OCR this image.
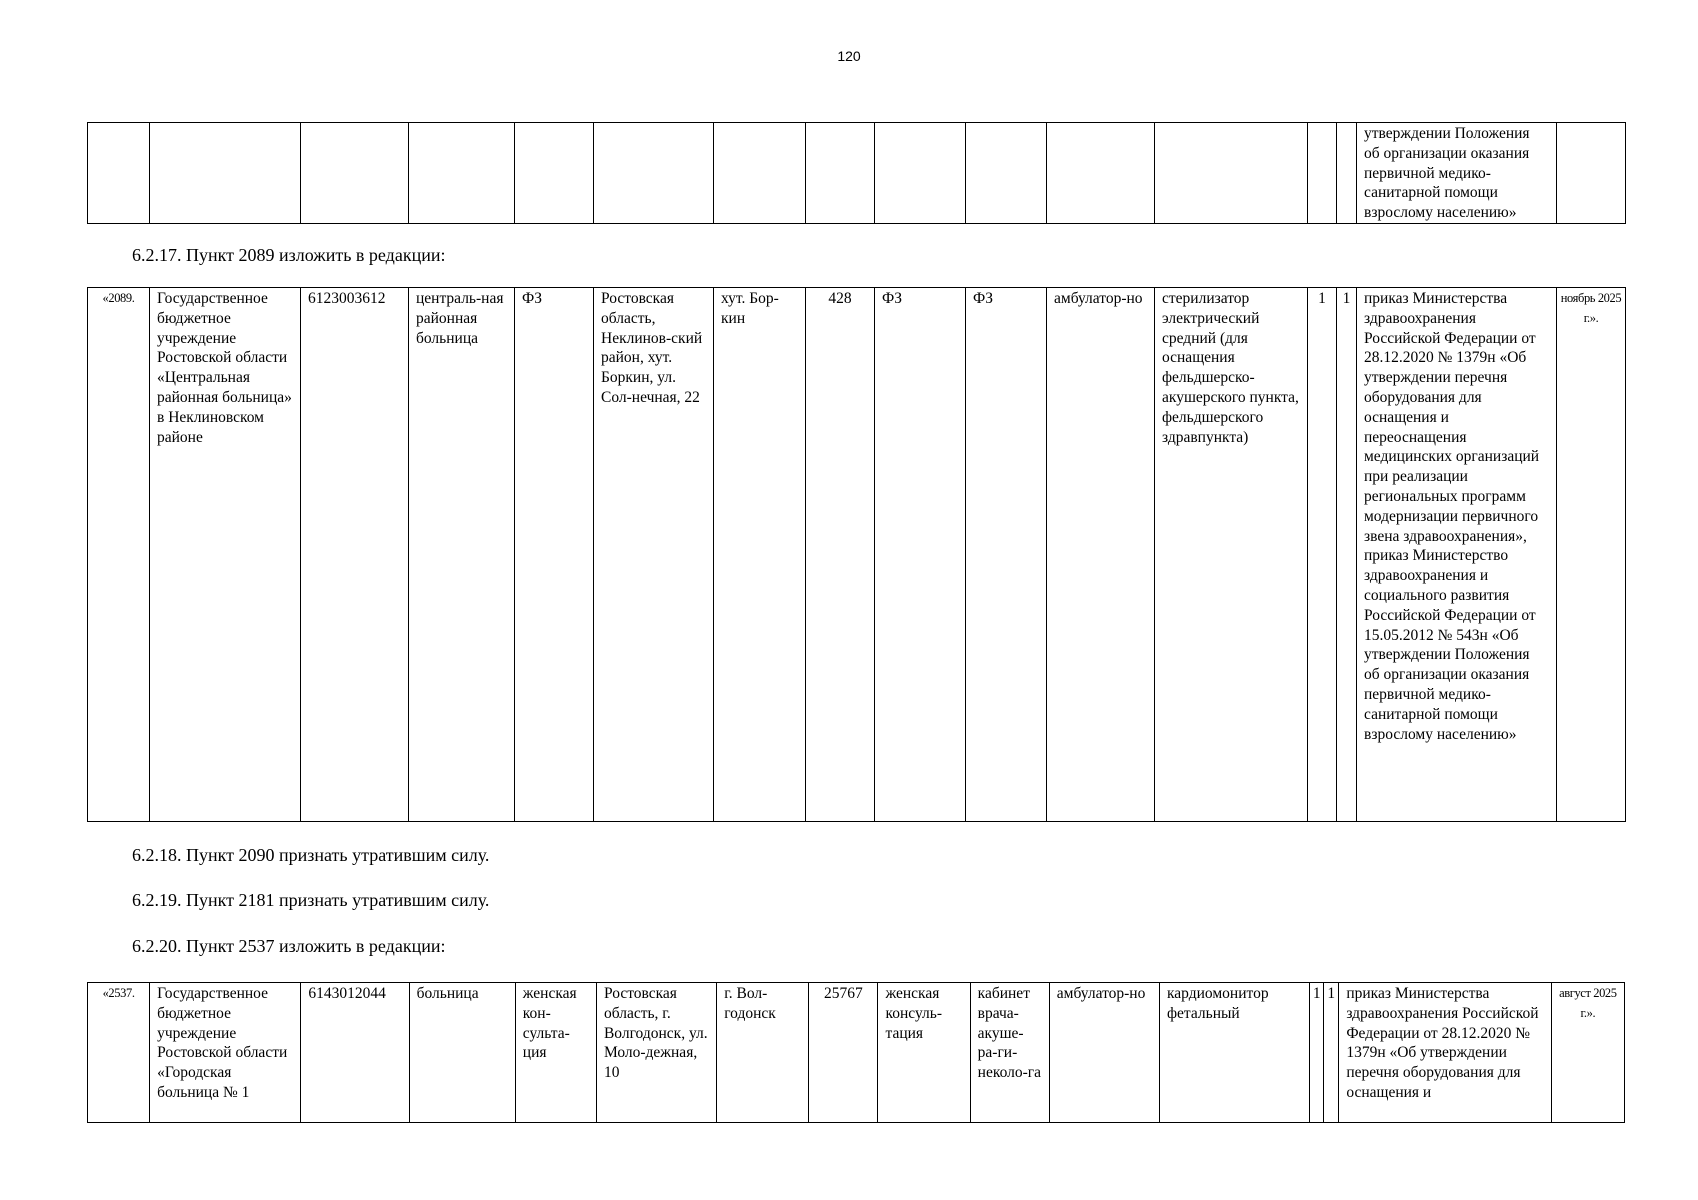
120
														утверждении Положения об организации оказания первичной медико-санитарной помощи взрослому населению»	
6.2.17. Пункт 2089 изложить в редакции:
«2089.	Государственное бюджетное учреждение Ростовской области «Центральная районная больница» в Неклиновском районе	6123003612	централь-ная районная больница	ФЗ	Ростовская область, Неклинов-ский район, хут. Боркин, ул. Сол-нечная, 22	хут. Бор-кин	428	ФЗ	ФЗ	амбулатор-но	стерилизатор электрический средний (для оснащения фельдшерско-акушерского пункта, фельдшерского здравпункта)	1	1	приказ Министерства здравоохранения Российской Федерации от 28.12.2020 № 1379н «Об утверждении перечня оборудования для оснащения и переоснащения медицинских организаций при реализации региональных программ модернизации первичного звена здравоохранения», приказ Министерство здравоохранения и социального развития Российской Федерации от 15.05.2012 № 543н «Об утверждении Положения об организации оказания первичной медико-санитарной помощи взрослому населению»	ноябрь 2025 г.».
6.2.18. Пункт 2090 признать утратившим силу.
6.2.19. Пункт 2181 признать утратившим силу.
6.2.20. Пункт 2537 изложить в редакции:
«2537.	Государственное бюджетное учреждение Ростовской области «Городская больница № 1	6143012044	больница	женская кон-сульта-ция	Ростовская область, г. Волгодонск, ул. Моло-дежная, 10	г. Вол-годонск	25767	женская консуль-тация	кабинет врача-акуше-ра-ги-неколо-га	амбулатор-но	кардиомонитор фетальный	1	1	приказ Министерства здравоохранения Российской Федерации от 28.12.2020 № 1379н «Об утверждении перечня оборудования для оснащения и	август 2025 г.».
